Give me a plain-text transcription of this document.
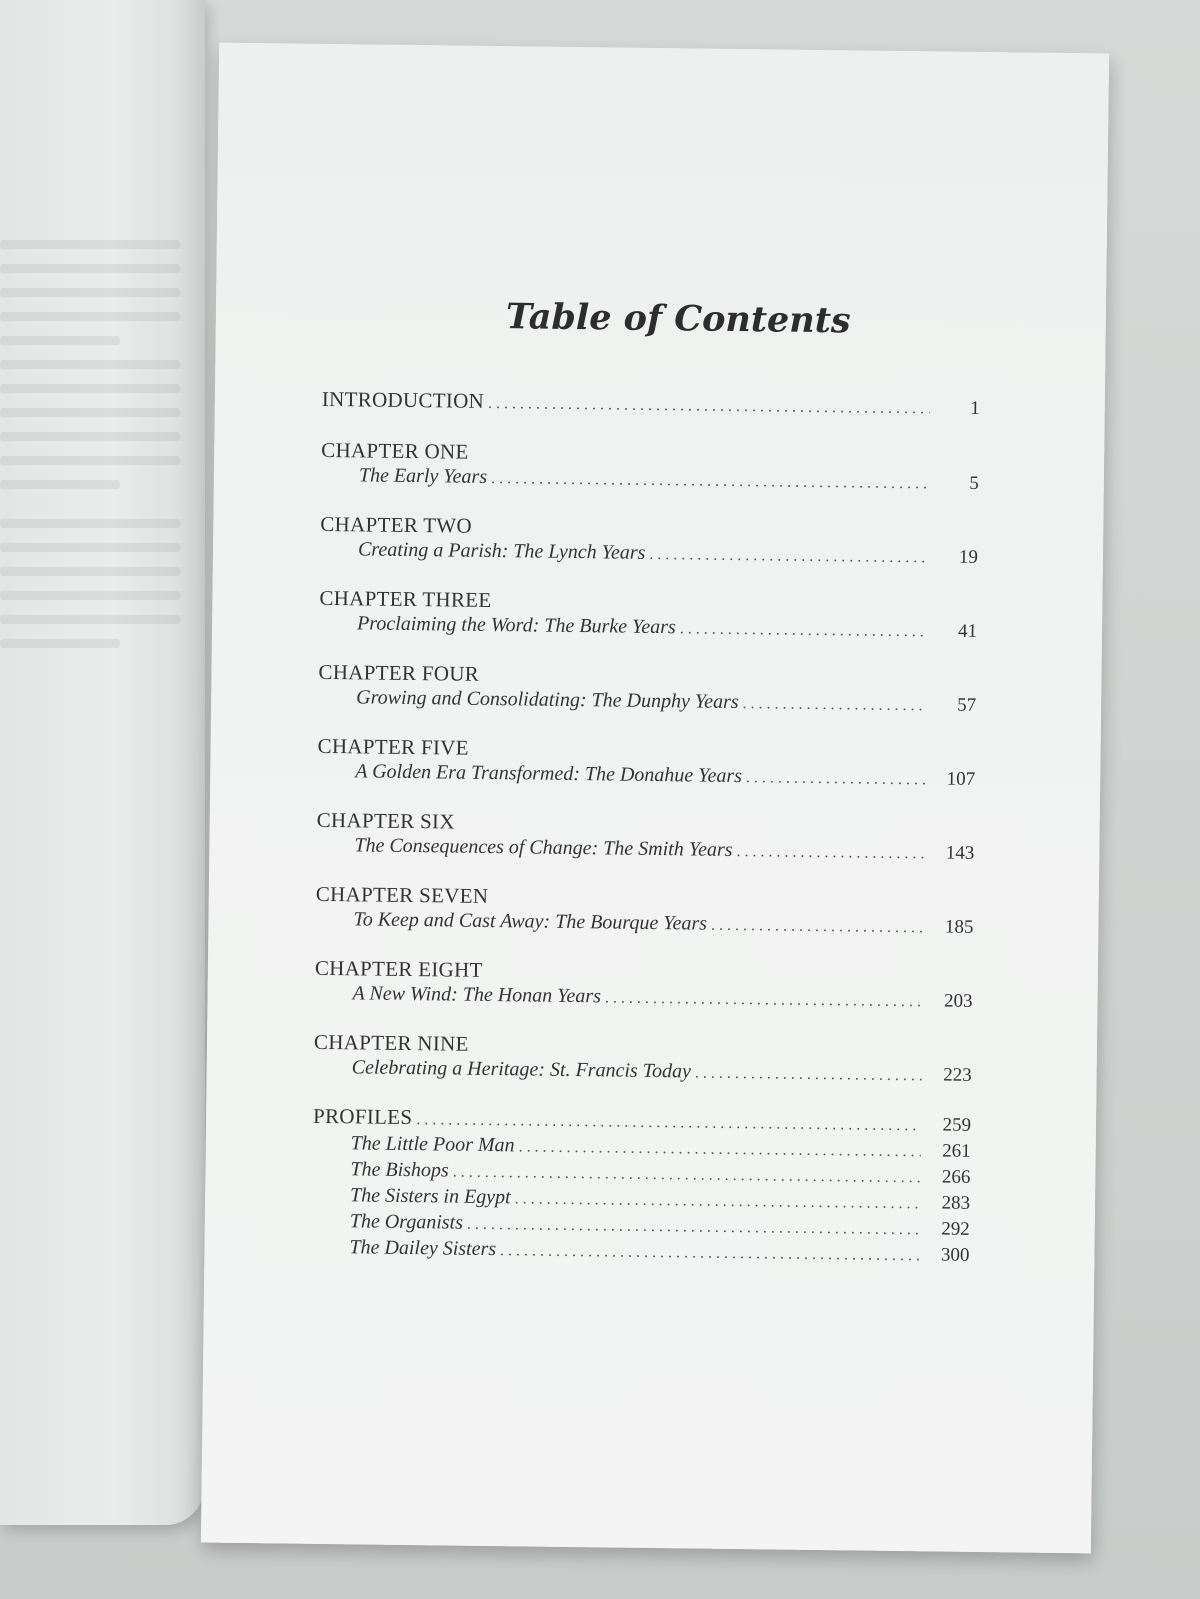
Table of Contents
INTRODUCTION . . .	1
CHAPTER ONE
The Early Years . . .	5
CHAPTER TWO
Creating a Parish: The Lynch Years . . .	19
CHAPTER THREE
Proclaiming the Word: The Burke Years . . .	41
CHAPTER FOUR
Growing and Consolidating: The Dunphy Years . . .	57
CHAPTER FIVE
A Golden Era Transformed: The Donahue Years . . .	107
CHAPTER SIX
The Consequences of Change: The Smith Years . . .	143
CHAPTER SEVEN
To Keep and Cast Away: The Bourque Years . . .	185
CHAPTER EIGHT
A New Wind: The Honan Years . . .	203
CHAPTER NINE
Celebrating a Heritage: St. Francis Today . . .	223
PROFILES . . .	259
The Little Poor Man . . .	261
The Bishops . . .	266
The Sisters in Egypt . . .	283
The Organists . . .	292
The Dailey Sisters . . .	300
